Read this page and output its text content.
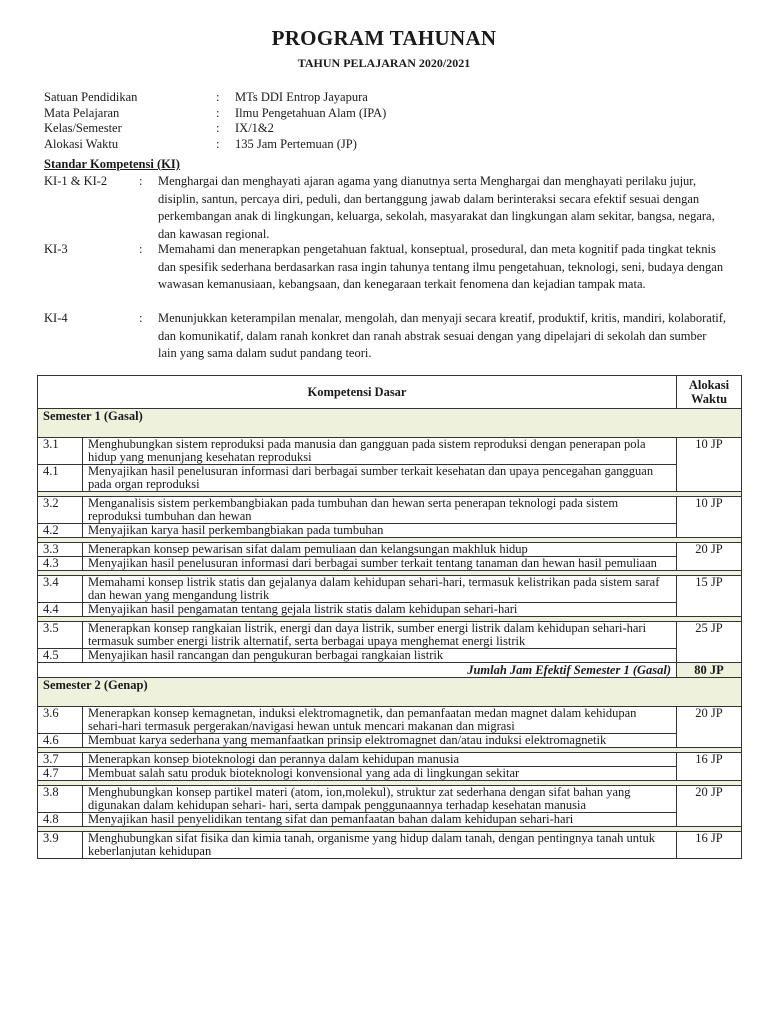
PROGRAM TAHUNAN
TAHUN PELAJARAN 2020/2021
Satuan Pendidikan	:	MTs DDI Entrop Jayapura
Mata Pelajaran	:	Ilmu Pengetahuan Alam (IPA)
Kelas/Semester	:	IX/1&2
Alokasi Waktu	:	135 Jam Pertemuan (JP)
Standar Kompetensi (KI)
KI-1 & KI-2	:	Menghargai dan menghayati ajaran agama yang dianutnya serta Menghargai dan menghayati perilaku jujur, disiplin, santun, percaya diri, peduli, dan bertanggung jawab dalam berinteraksi secara efektif sesuai dengan perkembangan anak di lingkungan, keluarga, sekolah, masyarakat dan lingkungan alam sekitar, bangsa, negara, dan kawasan regional.
KI-3	:	Memahami dan menerapkan pengetahuan faktual, konseptual, prosedural, dan meta kognitif pada tingkat teknis dan spesifik sederhana berdasarkan rasa ingin tahunya tentang ilmu pengetahuan, teknologi, seni, budaya dengan wawasan kemanusiaan, kebangsaan, dan kenegaraan terkait fenomena dan kejadian tampak mata.
KI-4	:	Menunjukkan keterampilan menalar, mengolah, dan menyaji secara kreatif, produktif, kritis, mandiri, kolaboratif, dan komunikatif, dalam ranah konkret dan ranah abstrak sesuai dengan yang dipelajari di sekolah dan sumber lain yang sama dalam sudut pandang teori.
Kompetensi Dasar		Alokasi Waktu
Semester 1 (Gasal)		
3.1	Menghubungkan sistem reproduksi pada manusia dan gangguan pada sistem reproduksi dengan penerapan pola hidup yang menunjang kesehatan reproduksi	10 JP
4.1	Menyajikan hasil penelusuran informasi dari berbagai sumber terkait kesehatan dan upaya pencegahan gangguan pada organ reproduksi	

3.2	Menganalisis sistem perkembangbiakan pada tumbuhan dan hewan serta penerapan teknologi pada sistem reproduksi tumbuhan dan hewan	10 JP
4.2	Menyajikan karya hasil perkembangbiakan pada tumbuhan	

3.3	Menerapkan konsep pewarisan sifat dalam pemuliaan dan kelangsungan makhluk hidup	20 JP
4.3	Menyajikan hasil penelusuran informasi dari berbagai sumber terkait tentang tanaman dan hewan hasil pemuliaan	

3.4	Memahami konsep listrik statis dan gejalanya dalam kehidupan sehari-hari, termasuk kelistrikan pada sistem saraf dan hewan yang mengandung listrik	15 JP
4.4	Menyajikan hasil pengamatan tentang gejala listrik statis dalam kehidupan sehari-hari	

3.5	Menerapkan konsep rangkaian listrik, energi dan daya listrik, sumber energi listrik dalam kehidupan sehari-hari termasuk sumber energi listrik alternatif, serta berbagai upaya menghemat energi listrik	25 JP
4.5	Menyajikan hasil rancangan dan pengukuran berbagai rangkaian listrik	
Jumlah Jam Efektif Semester 1 (Gasal)		80 JP
Semester 2 (Genap)		
3.6	Menerapkan konsep kemagnetan, induksi elektromagnetik, dan pemanfaatan medan magnet dalam kehidupan sehari-hari termasuk pergerakan/navigasi hewan untuk mencari makanan dan migrasi	20 JP
4.6	Membuat karya sederhana yang memanfaatkan prinsip elektromagnet dan/atau induksi elektromagnetik	

3.7	Menerapkan konsep bioteknologi dan perannya dalam kehidupan manusia	16 JP
4.7	Membuat salah satu produk bioteknologi konvensional yang ada di lingkungan sekitar	

3.8	Menghubungkan konsep partikel materi (atom, ion,molekul), struktur zat sederhana dengan sifat bahan yang digunakan dalam kehidupan sehari- hari, serta dampak penggunaannya terhadap kesehatan manusia	20 JP
4.8	Menyajikan hasil penyelidikan tentang sifat dan pemanfaatan bahan dalam kehidupan sehari-hari	

3.9	Menghubungkan sifat fisika dan kimia tanah, organisme yang hidup dalam tanah, dengan pentingnya tanah untuk keberlanjutan kehidupan	16 JP
